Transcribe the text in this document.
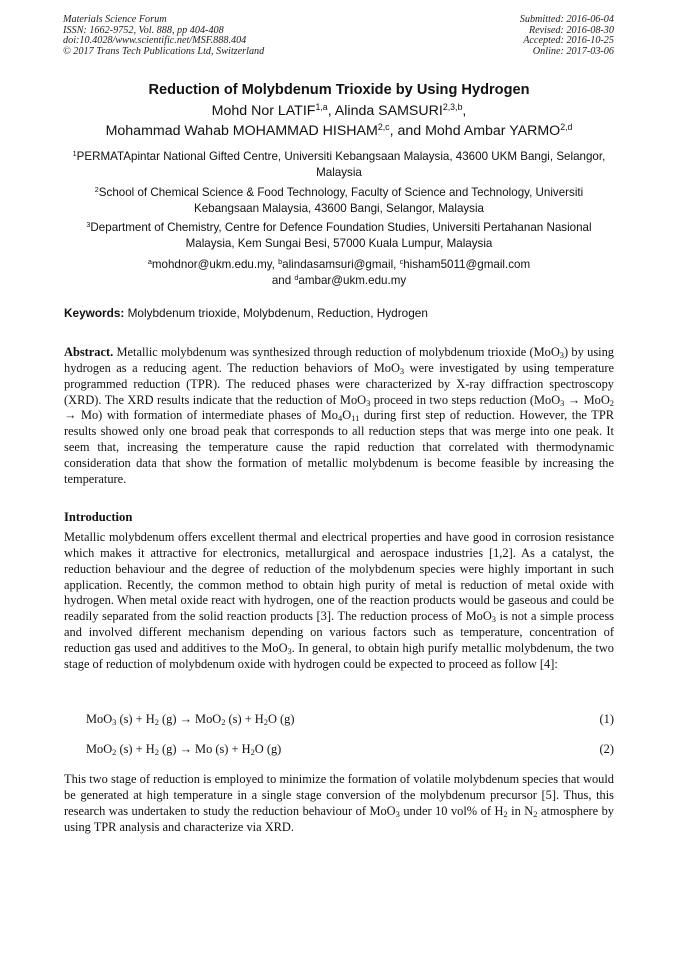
Materials Science Forum
ISSN: 1662-9752, Vol. 888, pp 404-408
doi:10.4028/www.scientific.net/MSF.888.404
© 2017 Trans Tech Publications Ltd, Switzerland
Submitted: 2016-06-04
Revised: 2016-08-30
Accepted: 2016-10-25
Online: 2017-03-06
Reduction of Molybdenum Trioxide by Using Hydrogen
Mohd Nor LATIF$^{1,a}$, Alinda SAMSURI$^{2,3,b}$,
Mohammad Wahab MOHAMMAD HISHAM$^{2,c}$, and Mohd Ambar YARMO$^{2,d}$
$^1$PERMATApintar National Gifted Centre, Universiti Kebangsaan Malaysia, 43600 UKM Bangi, Selangor, Malaysia
$^2$School of Chemical Science & Food Technology, Faculty of Science and Technology, Universiti Kebangsaan Malaysia, 43600 Bangi, Selangor, Malaysia
$^3$Department of Chemistry, Centre for Defence Foundation Studies, Universiti Pertahanan Nasional Malaysia, Kem Sungai Besi, 57000 Kuala Lumpur, Malaysia
$^a$mohdnor@ukm.edu.my, $^b$alindasamsuri@gmail, $^c$hisham5011@gmail.com
and $^d$ambar@ukm.edu.my
Keywords: Molybdenum trioxide, Molybdenum, Reduction, Hydrogen
Abstract. Metallic molybdenum was synthesized through reduction of molybdenum trioxide (MoO$_3$) by using hydrogen as a reducing agent. The reduction behaviors of MoO$_3$ were investigated by using temperature programmed reduction (TPR). The reduced phases were characterized by X-ray diffraction spectroscopy (XRD). The XRD results indicate that the reduction of MoO$_3$ proceed in two steps reduction (MoO$_3$ → MoO$_2$ → Mo) with formation of intermediate phases of $Mo_4O_{11}$ during first step of reduction. However, the TPR results showed only one broad peak that corresponds to all reduction steps that was merge into one peak. It seem that, increasing the temperature cause the rapid reduction that correlated with thermodynamic consideration data that show the formation of metallic molybdenum is become feasible by increasing the temperature.
Introduction
Metallic molybdenum offers excellent thermal and electrical properties and have good in corrosion resistance which makes it attractive for electronics, metallurgical and aerospace industries [1,2]. As a catalyst, the reduction behaviour and the degree of reduction of the molybdenum species were highly important in such application. Recently, the common method to obtain high purity of metal is reduction of metal oxide with hydrogen. When metal oxide react with hydrogen, one of the reaction products would be gaseous and could be readily separated from the solid reaction products [3]. The reduction process of MoO$_3$ is not a simple process and involved different mechanism depending on various factors such as temperature, concentration of reduction gas used and additives to the MoO$_3$. In general, to obtain high purify metallic molybdenum, the two stage of reduction of molybdenum oxide with hydrogen could be expected to proceed as follow [4]:
MoO$_3$ $(s) + H_2$ (g) → MoO$_2$ $(s) + H_2O$ (g)	(1)
MoO$_2$ $(s) + H_2$ (g) → Mo $(s) + H_2O$ (g)	(2)
This two stage of reduction is employed to minimize the formation of volatile molybdenum species that would be generated at high temperature in a single stage conversion of the molybdenum precursor [5]. Thus, this research was undertaken to study the reduction behaviour of MoO$_3$ under 10 vol% of $H_2$ in $N_2$ atmosphere by using TPR analysis and characterize via XRD.
